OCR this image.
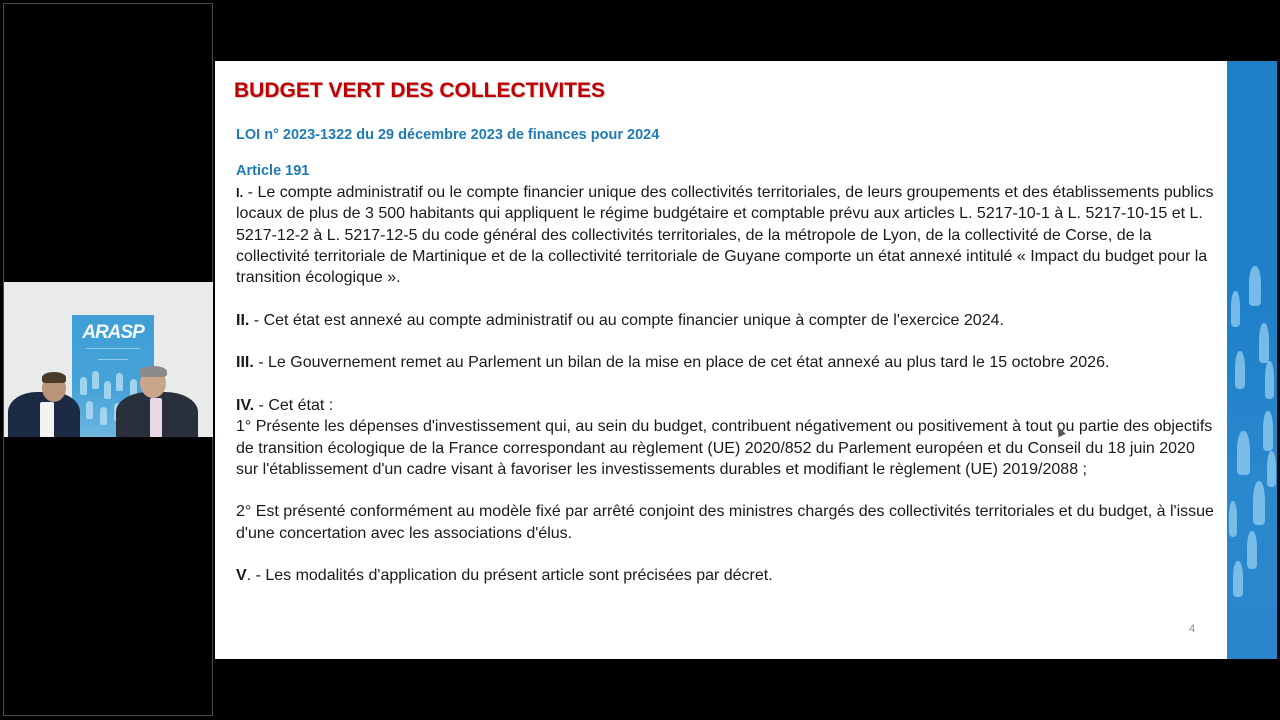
ARASP
BUDGET VERT DES COLLECTIVITES
LOI n° 2023-1322 du 29 décembre 2023 de finances pour 2024
Article 191

I. - Le compte administratif ou le compte financier unique des collectivités territoriales, de leurs groupements et des établissements publics locaux de plus de 3 500 habitants qui appliquent le régime budgétaire et comptable prévu aux articles L. 5217-10-1 à L. 5217-10-15 et L. 5217-12-2 à L. 5217-12-5 du code général des collectivités territoriales, de la métropole de Lyon, de la collectivité de Corse, de la collectivité territoriale de Martinique et de la collectivité territoriale de Guyane comporte un état annexé intitulé « Impact du budget pour la transition écologique ».

II. - Cet état est annexé au compte administratif ou au compte financier unique à compter de l'exercice 2024.

III. - Le Gouvernement remet au Parlement un bilan de la mise en place de cet état annexé au plus tard le 15 octobre 2026.

IV. - Cet état :

1° Présente les dépenses d'investissement qui, au sein du budget, contribuent négativement ou positivement à tout ou partie des objectifs de transition écologique de la France correspondant au règlement (UE) 2020/852 du Parlement européen et du Conseil du 18 juin 2020 sur l'établissement d'un cadre visant à favoriser les investissements durables et modifiant le règlement (UE) 2019/2088 ;

2° Est présenté conformément au modèle fixé par arrêté conjoint des ministres chargés des collectivités territoriales et du budget, à l'issue d'une concertation avec les associations d'élus.

V. - Les modalités d'application du présent article sont précisées par décret.

4
